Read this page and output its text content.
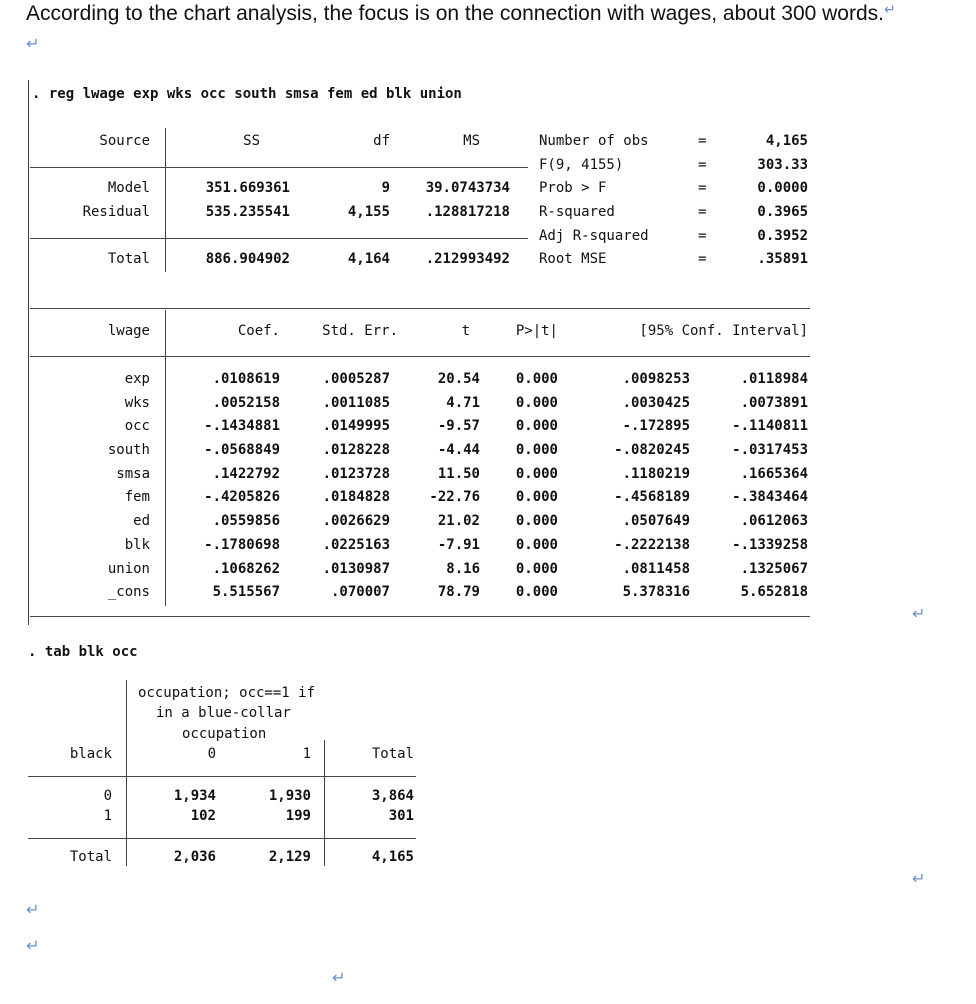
According to the chart analysis, the focus is on the connection with wages, about 300 words.↵
↵
. reg lwage exp wks occ south smsa fem ed blk union
Source	SS	df	MS
Model	351.669361	9	39.0743734
Residual	535.235541	4,155	.128817218
Total	886.904902	4,164	.212993492
Number of obs	=	4,165
F(9, 4155)	=	303.33
Prob > F	=	0.0000
R-squared	=	0.3965
Adj R-squared	=	0.3952
Root MSE	=	.35891
lwage	Coef.	Std. Err.	t	P>|t|	[95% Conf. Interval]
exp	.0108619	.0005287	20.54	0.000	.0098253	.0118984
wks	.0052158	.0011085	4.71	0.000	.0030425	.0073891
occ	-.1434881	.0149995	-9.57	0.000	-.172895	-.1140811
south	-.0568849	.0128228	-4.44	0.000	-.0820245	-.0317453
smsa	.1422792	.0123728	11.50	0.000	.1180219	.1665364
fem	-.4205826	.0184828	-22.76	0.000	-.4568189	-.3843464
ed	.0559856	.0026629	21.02	0.000	.0507649	.0612063
blk	-.1780698	.0225163	-7.91	0.000	-.2222138	-.1339258
union	.1068262	.0130987	8.16	0.000	.0811458	.1325067
_cons	5.515567	.070007	78.79	0.000	5.378316	5.652818
↵
. tab blk occ
occupation; occ==1 if
in a blue-collar
occupation
black	0	1	Total
0	1,934	1,930	3,864
1	102	199	301
Total	2,036	2,129	4,165
↵
↵
↵
↵
